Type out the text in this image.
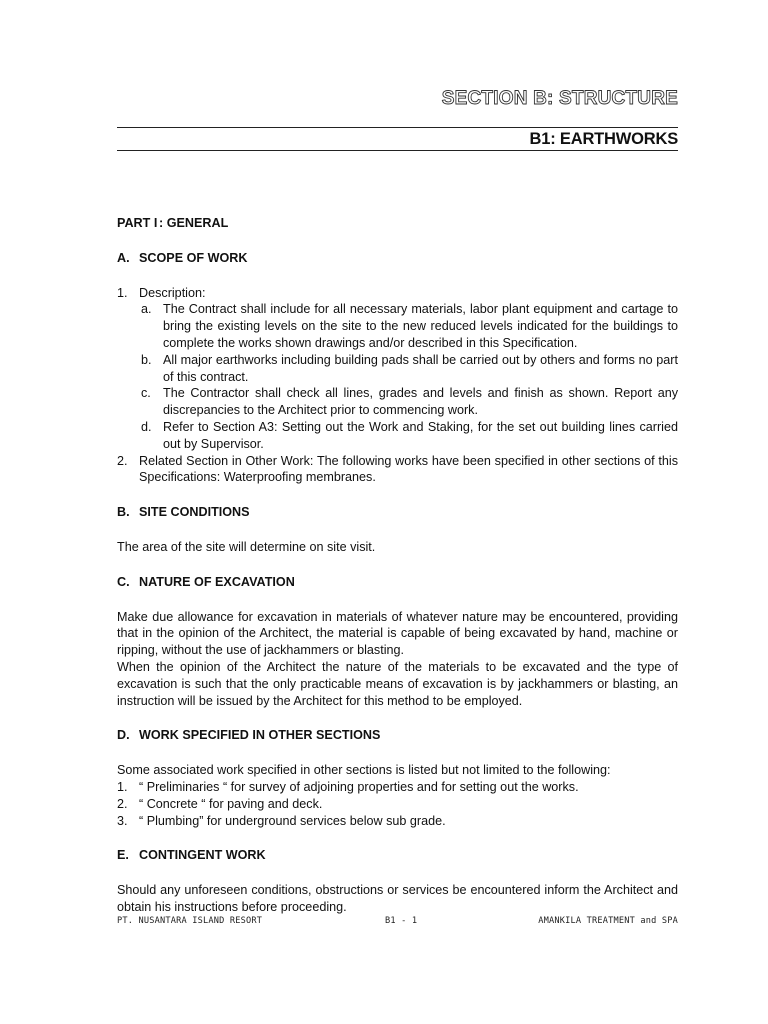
SECTION B: STRUCTURE
B1: EARTHWORKS
PART I : GENERAL
A. SCOPE OF WORK
1. Description:
a. The Contract shall include for all necessary materials, labor plant equipment and cartage to bring the existing levels on the site to the new reduced levels indicated for the buildings to complete the works shown drawings and/or described in this Specification.
b. All major earthworks including building pads shall be carried out by others and forms no part of this contract.
c. The Contractor shall check all lines, grades and levels and finish as shown. Report any discrepancies to the Architect prior to commencing work.
d. Refer to Section A3: Setting out the Work and Staking, for the set out building lines carried out by Supervisor.
2. Related Section in Other Work: The following works have been specified in other sections of this Specifications: Waterproofing membranes.
B. SITE CONDITIONS

The area of the site will determine on site visit.

C. NATURE OF EXCAVATION

Make due allowance for excavation in materials of whatever nature may be encountered, providing that in the opinion of the Architect, the material is capable of being excavated by hand, machine or ripping, without the use of jackhammers or blasting.

When the opinion of the Architect the nature of the materials to be excavated and the type of excavation is such that the only practicable means of excavation is by jackhammers or blasting, an instruction will be issued by the Architect for this method to be employed.

D. WORK SPECIFIED IN OTHER SECTIONS

Some associated work specified in other sections is listed but not limited to the following:

1. “ Preliminaries “ for survey of adjoining properties and for setting out the works.
2. “ Concrete “ for paving and deck.
3. “ Plumbing” for underground services below sub grade.
E. CONTINGENT WORK

Should any unforeseen conditions, obstructions or services be encountered inform the Architect and obtain his instructions before proceeding.

PT. NUSANTARA ISLAND RESORT	B1 - 1	AMANKILA TREATMENT and SPA
